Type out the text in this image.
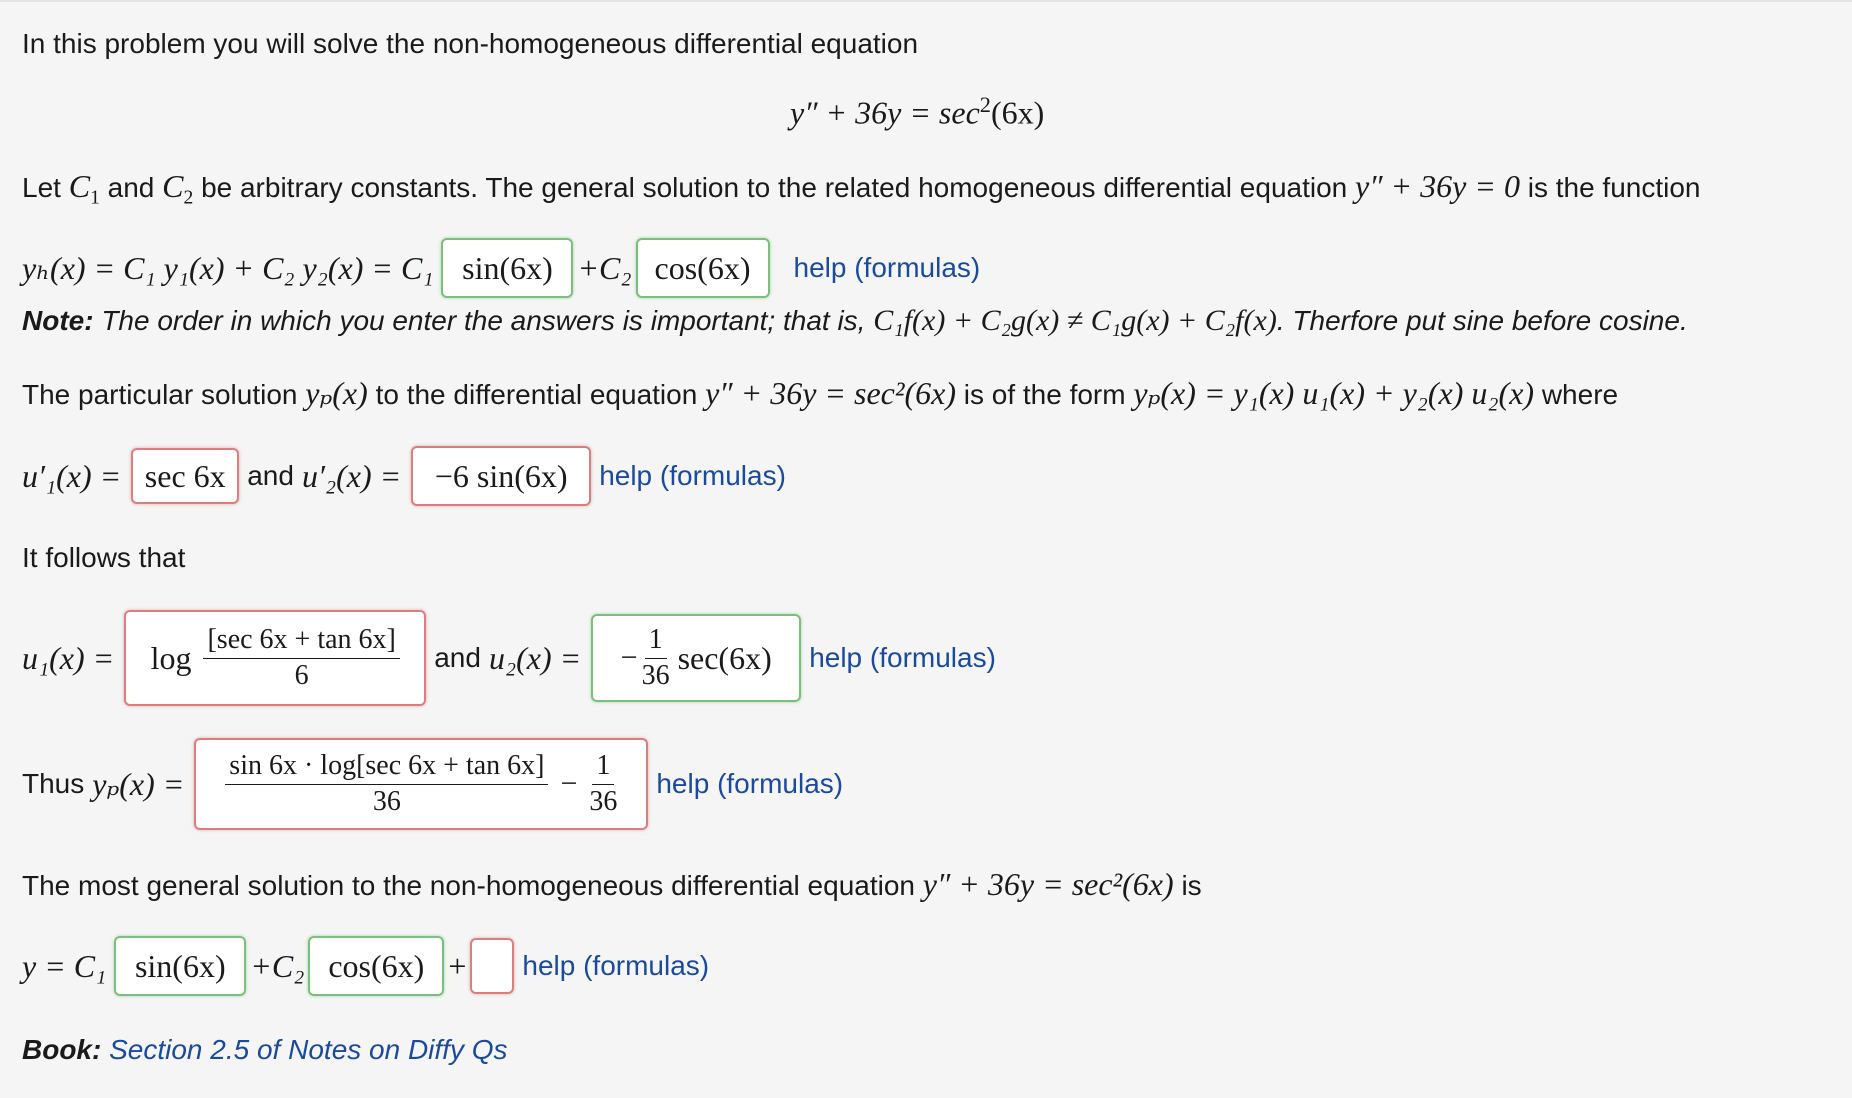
In this problem you will solve the non-homogeneous differential equation
$y'' + 36y = \sec^2(6x)$
Let $C_1$ and $C_2$ be arbitrary constants. The general solution to the related homogeneous differential equation y″ + 36y = 0 is the function
yₕ(x) = C₁ y₁(x) + C₂ y₂(x) = C₁ sin(6x) +C₂ cos(6x)	help (formulas)
Note: The order in which you enter the answers is important; that is, C₁f(x) + C₂g(x) ≠ C₁g(x) + C₂f(x). Therfore put sine before cosine.
The particular solution yₚ(x) to the differential equation y″ + 36y = sec²(6x) is of the form yₚ(x) = y₁(x) u₁(x) + y₂(x) u₂(x) where
u′₁(x) = sec 6x and u′₂(x) =	−6 sin(6x)	help (formulas)
It follows that
$u_1(x) = \log \frac{[\sec 6x + \tan 6x]}{6}$ and u₂(x) = − $\frac{1}{36} \sec(6x)$ help (formulas)
Thus $y_p(x) = \frac{\sin 6x \cdot \log[\sec 6x + \tan 6x]}{36} - \frac{1}{36}$ help (formulas)
The most general solution to the non-homogeneous differential equation y″ + 36y = sec²(6x) is
y = C₁ sin(6x) +C₂ cos(6x) + help (formulas)
Book: Section 2.5 of Notes on Diffy Qs
